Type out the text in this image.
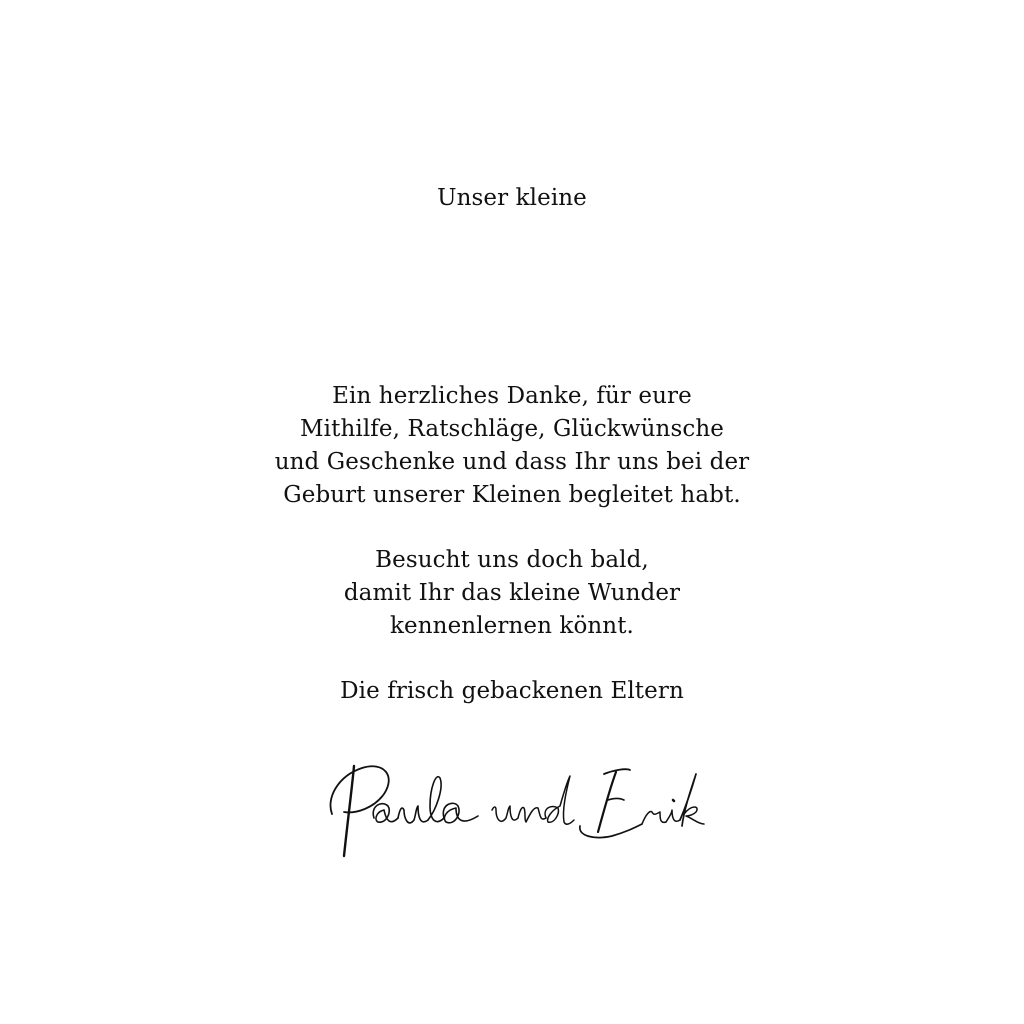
Unser kleine
Ein herzliches Danke, für eure
Mithilfe, Ratschläge, Glückwünsche
und Geschenke und dass Ihr uns bei der
Geburt unserer Kleinen begleitet habt.
Besucht uns doch bald,
damit Ihr das kleine Wunder
kennenlernen könnt.
Die frisch gebackenen Eltern
